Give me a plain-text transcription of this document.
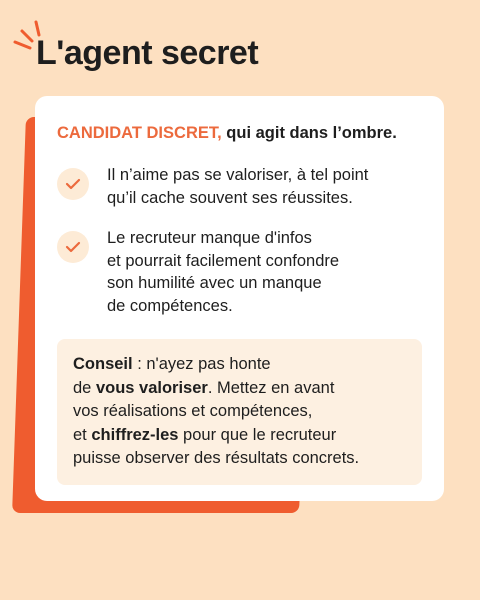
L'agent secret

CANDIDAT DISCRET, qui agit dans l’ombre.

Il n’aime pas se valoriser, à tel point
qu’il cache souvent ses réussites.

Le recruteur manque d'infos
et pourrait facilement confondre
son humilité avec un manque
de compétences.

Conseil : n'ayez pas honte
de vous valoriser. Mettez en avant
vos réalisations et compétences,
et chiffrez-les pour que le recruteur
puisse observer des résultats concrets.
